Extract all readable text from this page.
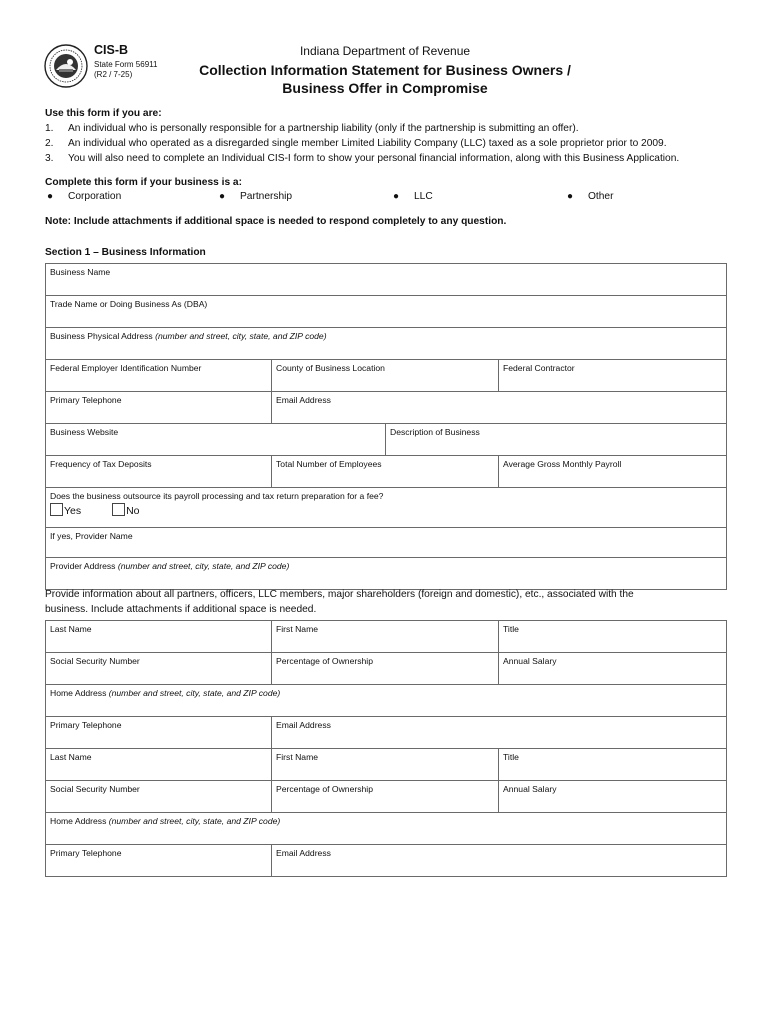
CIS-B
State Form 56911
(R2 / 7-25)
Indiana Department of Revenue
Collection Information Statement for Business Owners /
Business Offer in Compromise
Use this form if you are:
1. An individual who is personally responsible for a partnership liability (only if the partnership is submitting an offer).
2. An individual who operated as a disregarded single member Limited Liability Company (LLC) taxed as a sole proprietor prior to 2009.
3. You will also need to complete an Individual CIS-I form to show your personal financial information, along with this Business Application.
Complete this form if your business is a:
● Corporation	● Partnership	● LLC	● Other
Note: Include attachments if additional space is needed to respond completely to any question.
Section 1 – Business Information
Business Name			
Trade Name or Doing Business As (DBA)			
Business Physical Address (number and street, city, state, and ZIP code)			
Federal Employer Identification Number	County of Business Location		Federal Contractor
Primary Telephone	Email Address		
Business Website		Description of Business	
Frequency of Tax Deposits	Total Number of Employees		Average Gross Monthly Payroll

Does the business outsource its payroll processing and tax return preparation for a fee?
Yes No			

If yes, Provider Name			
Provider Address (number and street, city, state, and ZIP code)			
Provide information about all partners, officers, LLC members, major shareholders (foreign and domestic), etc., associated with the
business. Include attachments if additional space is needed.
Last Name	First Name	Title
Social Security Number	Percentage of Ownership	Annual Salary
Home Address (number and street, city, state, and ZIP code)		
Primary Telephone	Email Address	
Last Name	First Name	Title
Social Security Number	Percentage of Ownership	Annual Salary
Home Address (number and street, city, state, and ZIP code)		
Primary Telephone	Email Address	
